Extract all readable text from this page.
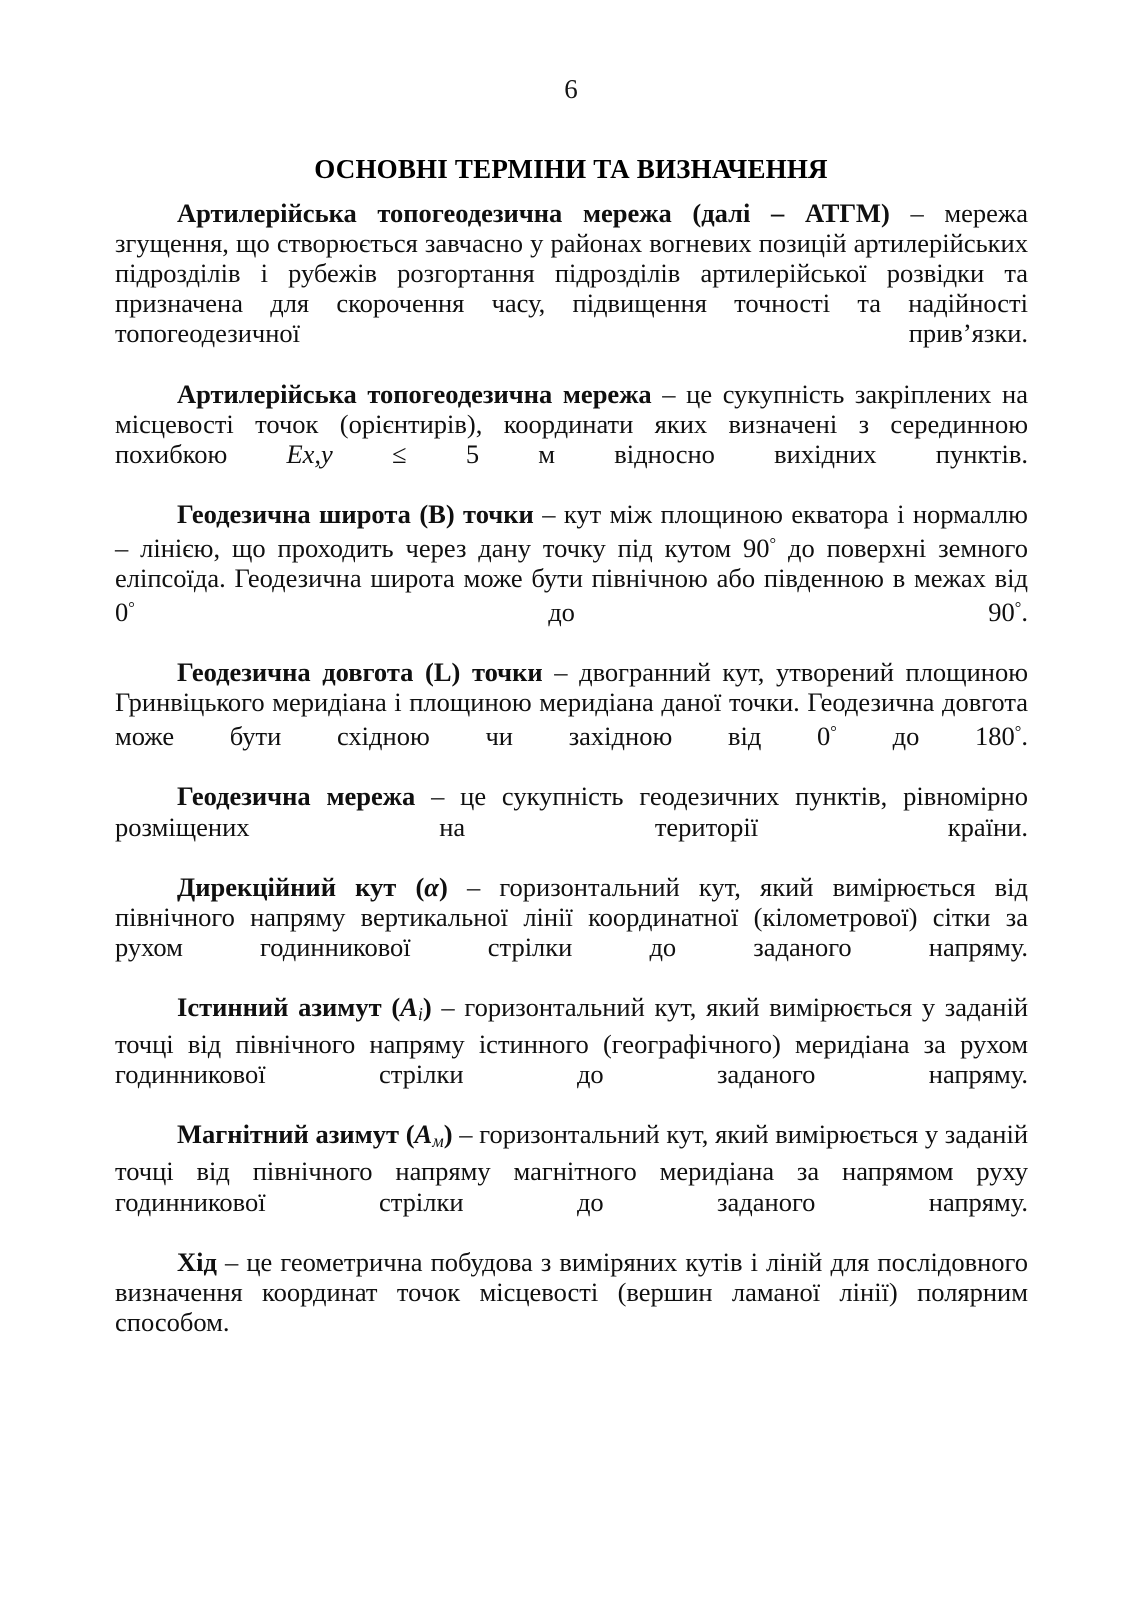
6
ОСНОВНІ ТЕРМІНИ ТА ВИЗНАЧЕННЯ

Артилерійська топогеодезична мережа (далі – АТГМ) – мережа згущення, що створюється завчасно у районах вогневих позицій артилерійських підрозділів і рубежів розгортання підрозділів артилерійської розвідки та призначена для скорочення часу, підвищення точності та надійності топогеодезичної прив’язки.

Артилерійська топогеодезична мережа – це сукупність закріплених на місцевості точок (орієнтирів), координати яких визначені з серединною похибкою Ex,y ≤ 5 м відносно вихідних пунктів.

Геодезична широта (B) точки – кут між площиною екватора і нормаллю – лінією, що проходить через дану точку під кутом 90° до поверхні земного еліпсоїда. Геодезична широта може бути північною або південною в межах від 0° до 90°.

Геодезична довгота (L) точки – двогранний кут, утворений площиною Гринвіцького меридіана і площиною меридіана даної точки. Геодезична довгота може бути східною чи західною від 0° до 180°.

Геодезична мережа – це сукупність геодезичних пунктів, рівномірно розміщених на території країни.

Дирекційний кут (α) – горизонтальний кут, який вимірюється від північного напряму вертикальної лінії координатної (кілометрової) сітки за рухом годинникової стрілки до заданого напряму.

Істинний азимут $(A_i)$ – горизонтальний кут, який вимірюється у заданій точці від північного напряму істинного (географічного) меридіана за рухом годинникової стрілки до заданого напряму.

Магнітний азимут $(A_м)$ – горизонтальний кут, який вимірюється у заданій точці від північного напряму магнітного меридіана за напрямом руху годинникової стрілки до заданого напряму.

Хід – це геометрична побудова з виміряних кутів і ліній для послідовного визначення координат точок місцевості (вершин ламаної лінії) полярним способом.
